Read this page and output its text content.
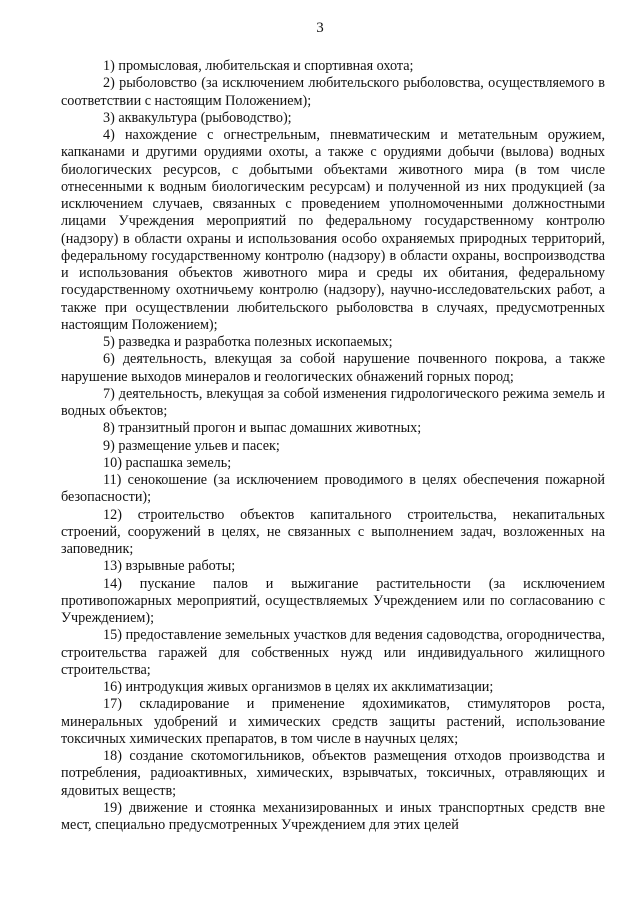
3

1) промысловая, любительская и спортивная охота;

2) рыболовство (за исключением любительского рыболовства, осуществляемого в соответствии с настоящим Положением);

3) аквакультура (рыбоводство);

4) нахождение с огнестрельным, пневматическим и метательным оружием, капканами и другими орудиями охоты, а также с орудиями добычи (вылова) водных биологических ресурсов, с добытыми объектами животного мира (в том числе отнесенными к водным биологическим ресурсам) и полученной из них продукцией (за исключением случаев, связанных с проведением уполномоченными должностными лицами Учреждения мероприятий по федеральному государственному контролю (надзору) в области охраны и использования особо охраняемых природных территорий, федеральному государственному контролю (надзору) в области охраны, воспроизводства и использования объектов животного мира и среды их обитания, федеральному государственному охотничьему контролю (надзору), научно-исследовательских работ, а также при осуществлении любительского рыболовства в случаях, предусмотренных настоящим Положением);

5) разведка и разработка полезных ископаемых;

6) деятельность, влекущая за собой нарушение почвенного покрова, а также нарушение выходов минералов и геологических обнажений горных пород;

7) деятельность, влекущая за собой изменения гидрологического режима земель и водных объектов;

8) транзитный прогон и выпас домашних животных;

9) размещение ульев и пасек;

10) распашка земель;

11) сенокошение (за исключением проводимого в целях обеспечения пожарной безопасности);

12) строительство объектов капитального строительства, некапитальных строений, сооружений в целях, не связанных с выполнением задач, возложенных на заповедник;

13) взрывные работы;

14) пускание палов и выжигание растительности (за исключением противопожарных мероприятий, осуществляемых Учреждением или по согласованию с Учреждением);

15) предоставление земельных участков для ведения садоводства, огородничества, строительства гаражей для собственных нужд или индивидуального жилищного строительства;

16) интродукция живых организмов в целях их акклиматизации;

17) складирование и применение ядохимикатов, стимуляторов роста, минеральных удобрений и химических средств защиты растений, использование токсичных химических препаратов, в том числе в научных целях;

18) создание скотомогильников, объектов размещения отходов производства и потребления, радиоактивных, химических, взрывчатых, токсичных, отравляющих и ядовитых веществ;

19) движение и стоянка механизированных и иных транспортных средств вне мест, специально предусмотренных Учреждением для этих целей
